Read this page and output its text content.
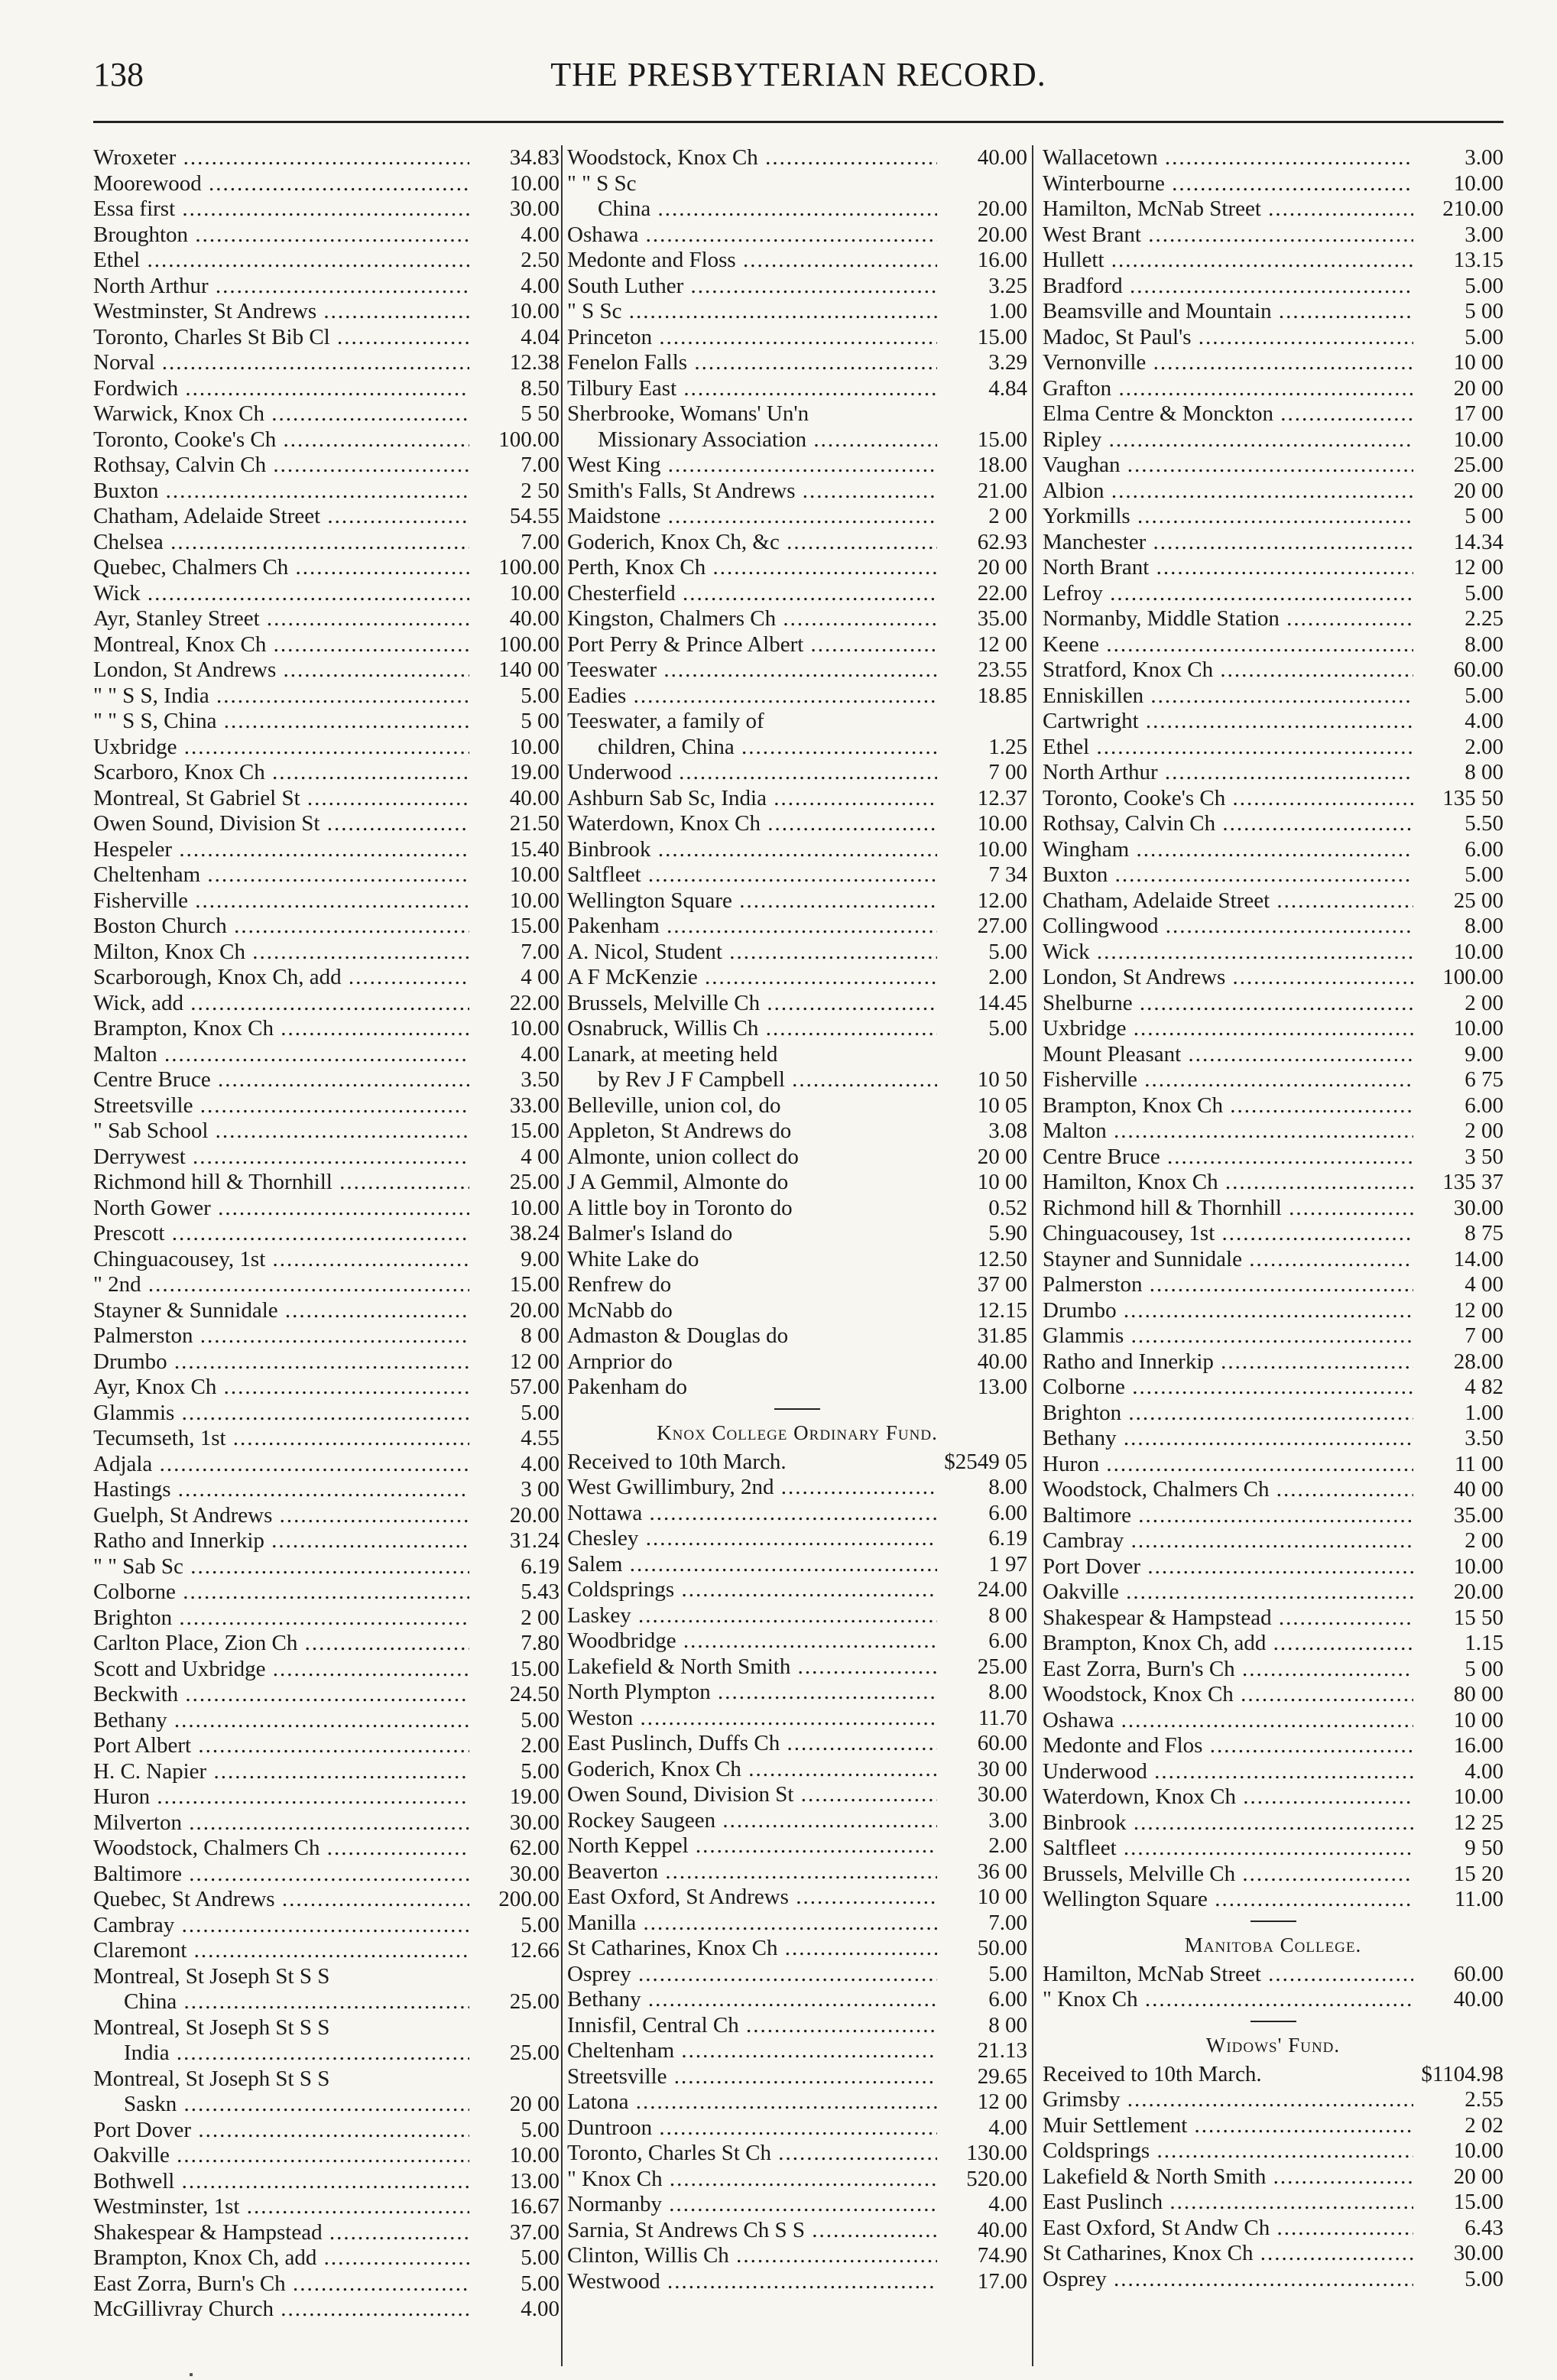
138	THE PRESBYTERIAN RECORD.
Wroxeter .....	34.83
Moorewood .....	10.00
Essa first .....	30.00
Broughton .....	4.00
Ethel .....	2.50
North Arthur .....	4.00
Westminster, St Andrews .....	10.00
Toronto, Charles St Bib Cl .....	4.04
Norval .....	12.38
Fordwich .....	8.50
Warwick, Knox Ch .....	5 50
Toronto, Cooke's Ch .....	100.00
Rothsay, Calvin Ch .....	7.00
Buxton .....	2 50
Chatham, Adelaide Street .....	54.55
Chelsea .....	7.00
Quebec, Chalmers Ch .....	100.00
Wick .....	10.00
Ayr, Stanley Street .....	40.00
Montreal, Knox Ch .....	100.00
London, St Andrews .....	140 00
" " S S, India .....	5.00
" " S S, China .....	5 00
Uxbridge .....	10.00
Scarboro, Knox Ch .....	19.00
Montreal, St Gabriel St .....	40.00
Owen Sound, Division St .....	21.50
Hespeler .....	15.40
Cheltenham .....	10.00
Fisherville .....	10.00
Boston Church .....	15.00
Milton, Knox Ch .....	7.00
Scarborough, Knox Ch, add .....	4 00
Wick, add .....	22.00
Brampton, Knox Ch .....	10.00
Malton .....	4.00
Centre Bruce .....	3.50
Streetsville .....	33.00
" Sab School .....	15.00
Derrywest .....	4 00
Richmond hill & Thornhill .....	25.00
North Gower .....	10.00
Prescott .....	38.24
Chinguacousey, 1st .....	9.00
" 2nd .....	15.00
Stayner & Sunnidale .....	20.00
Palmerston .....	8 00
Drumbo .....	12 00
Ayr, Knox Ch .....	57.00
Glammis .....	5.00
Tecumseth, 1st .....	4.55
Adjala .....	4.00
Hastings .....	3 00
Guelph, St Andrews .....	20.00
Ratho and Innerkip .....	31.24
" " Sab Sc .....	6.19
Colborne .....	5.43
Brighton .....	2 00
Carlton Place, Zion Ch .....	7.80
Scott and Uxbridge .....	15.00
Beckwith .....	24.50
Bethany .....	5.00
Port Albert .....	2.00
H. C. Napier .....	5.00
Huron .....	19.00
Milverton .....	30.00
Woodstock, Chalmers Ch .....	62.00
Baltimore .....	30.00
Quebec, St Andrews .....	200.00
Cambray .....	5.00
Claremont .....	12.66
Montreal, St Joseph St S S
China .....	25.00
Montreal, St Joseph St S S
India .....	25.00
Montreal, St Joseph St S S
Saskn .....	20 00
Port Dover .....	5.00
Oakville .....	10.00
Bothwell .....	13.00
Westminster, 1st .....	16.67
Shakespear & Hampstead .....	37.00
Brampton, Knox Ch, add .....	5.00
East Zorra, Burn's Ch .....	5.00
McGillivray Church .....	4.00
Woodstock, Knox Ch .....	40.00
" " S Sc
China .....	20.00
Oshawa .....	20.00
Medonte and Floss .....	16.00
South Luther .....	3.25
" S Sc .....	1.00
Princeton .....	15.00
Fenelon Falls .....	3.29
Tilbury East .....	4.84
Sherbrooke, Womans' Un'n
Missionary Association .....	15.00
West King .....	18.00
Smith's Falls, St Andrews .....	21.00
Maidstone .....	2 00
Goderich, Knox Ch, &c .....	62.93
Perth, Knox Ch .....	20 00
Chesterfield .....	22.00
Kingston, Chalmers Ch .....	35.00
Port Perry & Prince Albert .....	12 00
Teeswater .....	23.55
Eadies .....	18.85
Teeswater, a family of
children, China .....	1.25
Underwood .....	7 00
Ashburn Sab Sc, India .....	12.37
Waterdown, Knox Ch .....	10.00
Binbrook .....	10.00
Saltfleet .....	7 34
Wellington Square .....	12.00
Pakenham .....	27.00
A. Nicol, Student .....	5.00
A F McKenzie .....	2.00
Brussels, Melville Ch .....	14.45
Osnabruck, Willis Ch .....	5.00
Lanark, at meeting held
by Rev J F Campbell .....	10 50
Belleville, union col, do	10 05
Appleton, St Andrews do	3.08
Almonte, union collect do	20 00
J A Gemmil, Almonte do	10 00
A little boy in Toronto do	0.52
Balmer's Island do	5.90
White Lake do	12.50
Renfrew do	37 00
McNabb do	12.15
Admaston & Douglas do	31.85
Arnprior do	40.00
Pakenham do	13.00
Knox College Ordinary Fund.
Received to 10th March.	$2549 05
West Gwillimbury, 2nd .....	8.00
Nottawa .....	6.00
Chesley .....	6.19
Salem .....	1 97
Coldsprings .....	24.00
Laskey .....	8 00
Woodbridge .....	6.00
Lakefield & North Smith .....	25.00
North Plympton .....	8.00
Weston .....	11.70
East Puslinch, Duffs Ch .....	60.00
Goderich, Knox Ch .....	30 00
Owen Sound, Division St .....	30.00
Rockey Saugeen .....	3.00
North Keppel .....	2.00
Beaverton .....	36 00
East Oxford, St Andrews .....	10 00
Manilla .....	7.00
St Catharines, Knox Ch .....	50.00
Osprey .....	5.00
Bethany .....	6.00
Innisfil, Central Ch .....	8 00
Cheltenham .....	21.13
Streetsville .....	29.65
Latona .....	12 00
Duntroon .....	4.00
Toronto, Charles St Ch .....	130.00
" Knox Ch .....	520.00
Normanby .....	4.00
Sarnia, St Andrews Ch S S .....	40.00
Clinton, Willis Ch .....	74.90
Westwood .....	17.00
Wallacetown .....	3.00
Winterbourne .....	10.00
Hamilton, McNab Street .....	210.00
West Brant .....	3.00
Hullett .....	13.15
Bradford .....	5.00
Beamsville and Mountain .....	5 00
Madoc, St Paul's .....	5.00
Vernonville .....	10 00
Grafton .....	20 00
Elma Centre & Monckton .....	17 00
Ripley .....	10.00
Vaughan .....	25.00
Albion .....	20 00
Yorkmills .....	5 00
Manchester .....	14.34
North Brant .....	12 00
Lefroy .....	5.00
Normanby, Middle Station .....	2.25
Keene .....	8.00
Stratford, Knox Ch .....	60.00
Enniskillen .....	5.00
Cartwright .....	4.00
Ethel .....	2.00
North Arthur .....	8 00
Toronto, Cooke's Ch .....	135 50
Rothsay, Calvin Ch .....	5.50
Wingham .....	6.00
Buxton .....	5.00
Chatham, Adelaide Street .....	25 00
Collingwood .....	8.00
Wick .....	10.00
London, St Andrews .....	100.00
Shelburne .....	2 00
Uxbridge .....	10.00
Mount Pleasant .....	9.00
Fisherville .....	6 75
Brampton, Knox Ch .....	6.00
Malton .....	2 00
Centre Bruce .....	3 50
Hamilton, Knox Ch .....	135 37
Richmond hill & Thornhill .....	30.00
Chinguacousey, 1st .....	8 75
Stayner and Sunnidale .....	14.00
Palmerston .....	4 00
Drumbo .....	12 00
Glammis .....	7 00
Ratho and Innerkip .....	28.00
Colborne .....	4 82
Brighton .....	1.00
Bethany .....	3.50
Huron .....	11 00
Woodstock, Chalmers Ch .....	40 00
Baltimore .....	35.00
Cambray .....	2 00
Port Dover .....	10.00
Oakville .....	20.00
Shakespear & Hampstead .....	15 50
Brampton, Knox Ch, add .....	1.15
East Zorra, Burn's Ch .....	5 00
Woodstock, Knox Ch .....	80 00
Oshawa .....	10 00
Medonte and Flos .....	16.00
Underwood .....	4.00
Waterdown, Knox Ch .....	10.00
Binbrook .....	12 25
Saltfleet .....	9 50
Brussels, Melville Ch .....	15 20
Wellington Square .....	11.00
Manitoba College.
Hamilton, McNab Street .....	60.00
" Knox Ch .....	40.00
Widows' Fund.
Received to 10th March.	$1104.98
Grimsby .....	2.55
Muir Settlement .....	2 02
Coldsprings .....	10.00
Lakefield & North Smith .....	20 00
East Puslinch .....	15.00
East Oxford, St Andw Ch .....	6.43
St Catharines, Knox Ch .....	30.00
Osprey .....	5.00
